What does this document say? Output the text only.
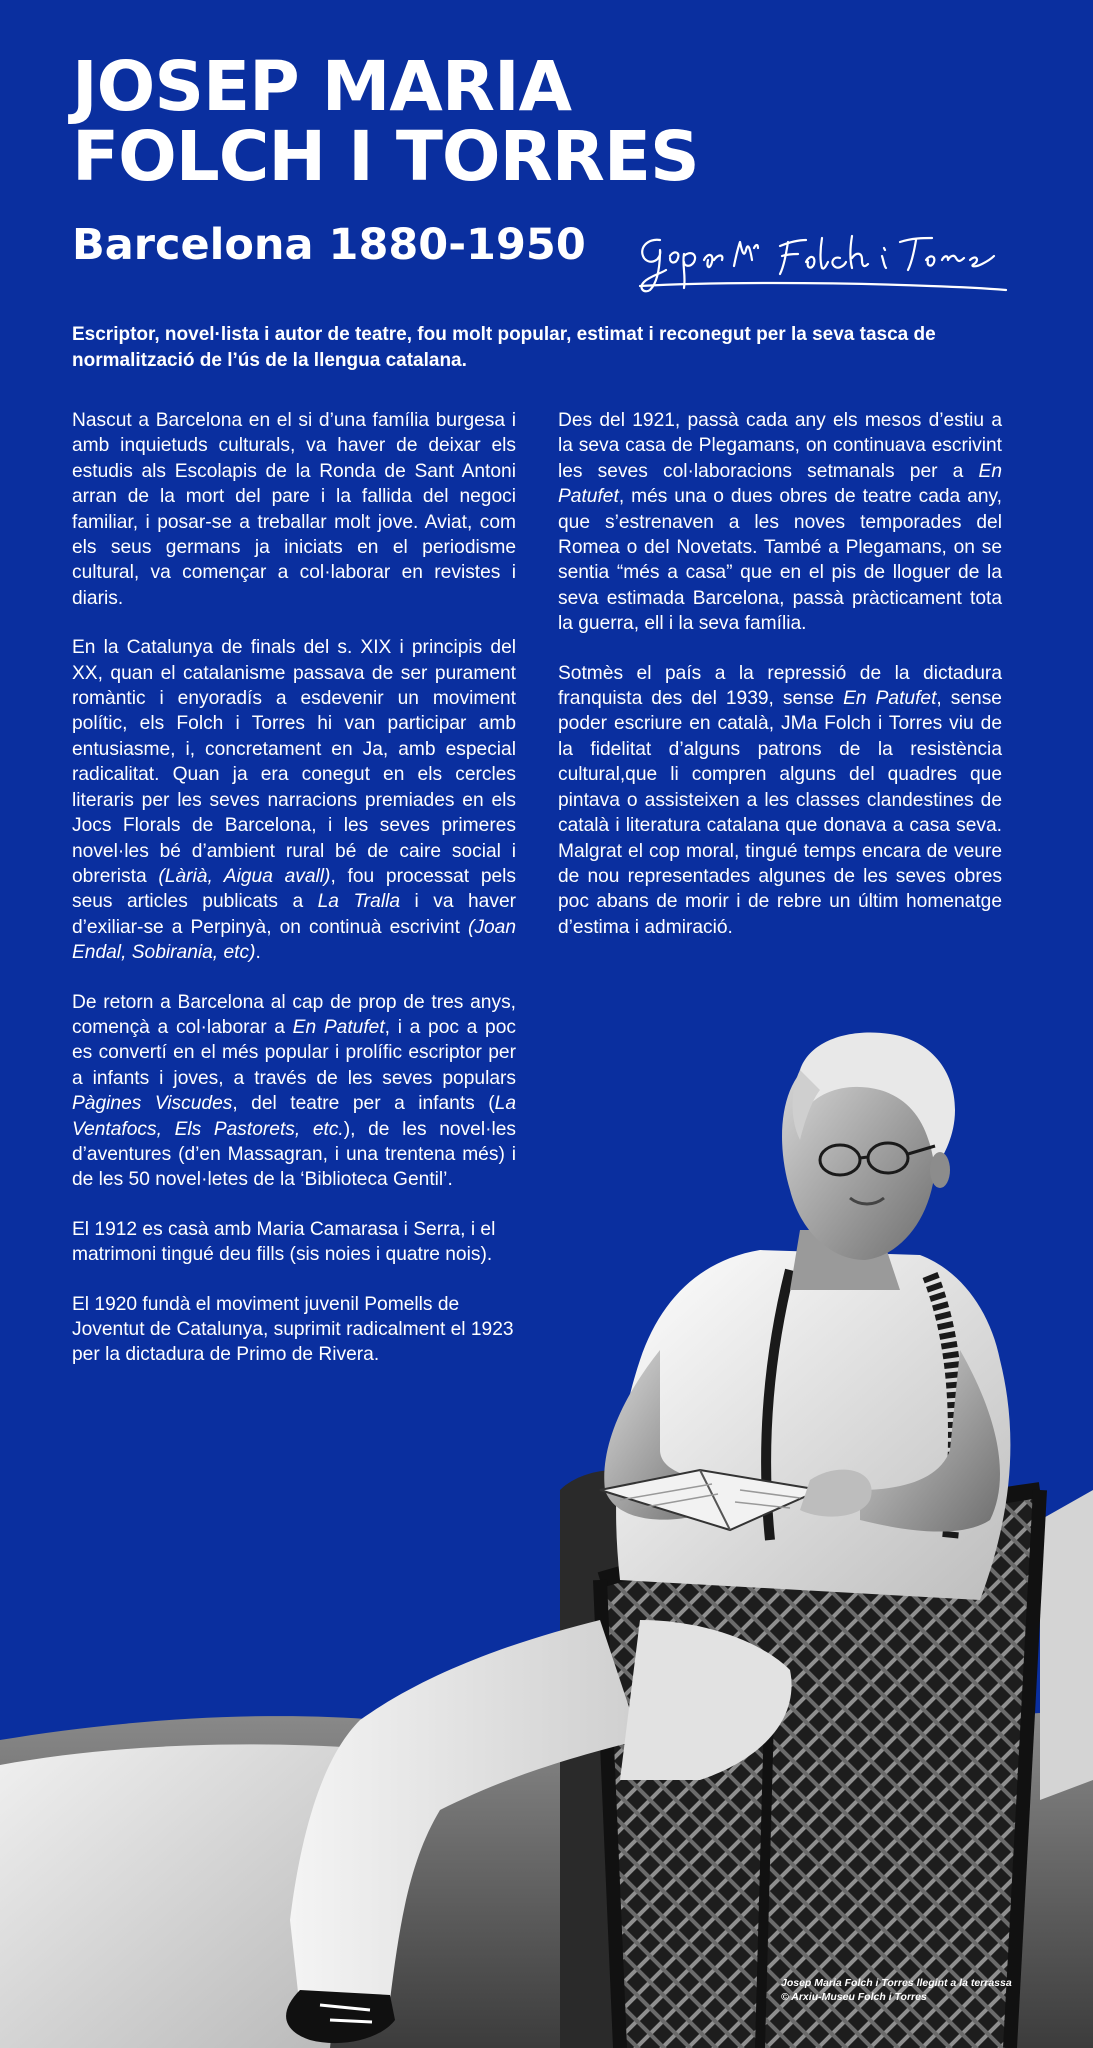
JOSEP MARIA
FOLCH I TORRES
Barcelona 1880-1950

Escriptor, novel·lista i autor de teatre, fou molt popular, estimat i reconegut per la seva tasca de normalització de l’ús de la llengua catalana.

Nascut a Barcelona en el si d’una família burgesa i amb inquietuds culturals, va haver de deixar els estudis als Escolapis de la Ronda de Sant Antoni arran de la mort del pare i la fallida del negoci familiar, i posar-se a treballar molt jove. Aviat, com els seus germans ja iniciats en el periodisme cultural, va començar a col·laborar en revistes i diaris.

En la Catalunya de finals del s. XIX i principis del XX, quan el catalanisme passava de ser purament romàntic i enyoradís a esdevenir un moviment polític, els Folch i Torres hi van participar amb entusiasme, i, concretament en Ja, amb especial radicalitat. Quan ja era conegut en els cercles literaris per les seves narracions premiades en els Jocs Florals de Barcelona, i les seves primeres novel·les bé d’ambient rural bé de caire social i obrerista (Làrià, Aigua avall), fou processat pels seus articles publicats a La Tralla i va haver d’exiliar-se a Perpinyà, on continuà escrivint (Joan Endal, Sobirania, etc).

De retorn a Barcelona al cap de prop de tres anys, començà a col·laborar a En Patufet, i a poc a poc es convertí en el més popular i prolífic escriptor per a infants i joves, a través de les seves populars Pàgines Viscudes, del teatre per a infants (La Ventafocs, Els Pastorets, etc.), de les novel·les d’aventures (d’en Massagran, i una trentena més) i de les 50 novel·letes de la ‘Biblioteca Gentil’.

El 1912 es casà amb Maria Camarasa i Serra, i el matrimoni tingué deu fills (sis noies i quatre nois).

El 1920 fundà el moviment juvenil Pomells de Joventut de Catalunya, suprimit radicalment el 1923 per la dictadura de Primo de Rivera.

Des del 1921, passà cada any els mesos d’estiu a la seva casa de Plegamans, on continuava escrivint les seves col·laboracions setmanals per a En Patufet, més una o dues obres de teatre cada any, que s’estrenaven a les noves temporades del Romea o del Novetats. També a Plegamans, on se sentia “més a casa” que en el pis de lloguer de la seva estimada Barcelona, passà pràcticament tota la guerra, ell i la seva família.

Sotmès el país a la repressió de la dictadura franquista des del 1939, sense En Patufet, sense poder escriure en català, JMa Folch i Torres viu de la fidelitat d’alguns patrons de la resistència cultural,que li compren alguns del quadres que pintava o assisteixen a les classes clandestines de català i literatura catalana que donava a casa seva. Malgrat el cop moral, tingué temps encara de veure de nou representades algunes de les seves obres poc abans de morir i de rebre un últim homenatge d’estima i admiració.

Josep Maria Folch i Torres llegint a la terrassa
© Arxiu-Museu Folch i Torres
